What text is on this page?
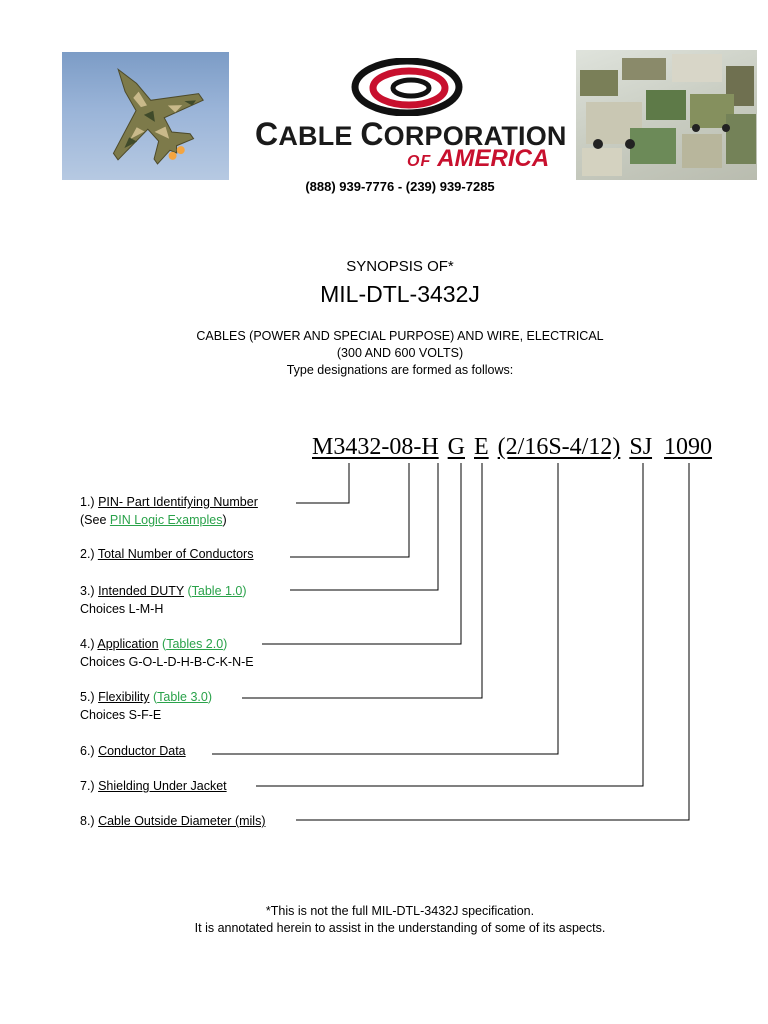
CABLE CORPORATION
OF AMERICA
(888) 939-7776 - (239) 939-7285
SYNOPSIS OF*
MIL-DTL-3432J
CABLES (POWER AND SPECIAL PURPOSE) AND WIRE, ELECTRICAL
(300 AND 600 VOLTS)
Type designations are formed as follows:
M3432-08-H G E (2/16S-4/12) SJ 1090
1.) PIN- Part Identifying Number
(See PIN Logic Examples)
2.) Total Number of Conductors
3.) Intended DUTY (Table 1.0)
Choices L-M-H
4.) Application (Tables 2.0)
Choices G-O-L-D-H-B-C-K-N-E
5.) Flexibility (Table 3.0)
Choices S-F-E
6.) Conductor Data
7.) Shielding Under Jacket
8.) Cable Outside Diameter (mils)
*This is not the full MIL-DTL-3432J specification.
It is annotated herein to assist in the understanding of some of its aspects.
